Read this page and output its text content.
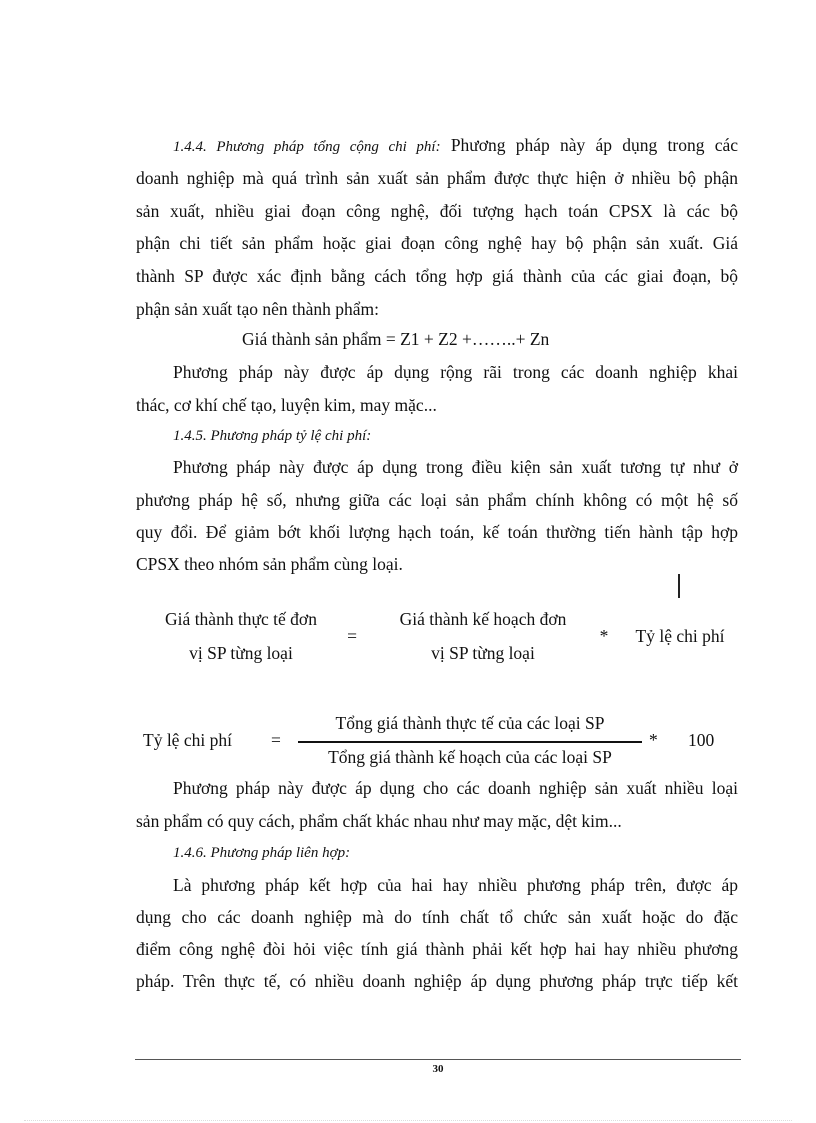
1.4.4. Phương pháp tổng cộng chi phí: Phương pháp này áp dụng trong các
doanh nghiệp mà quá trình sản xuất sản phẩm được thực hiện ở nhiều bộ phận
sản xuất, nhiều giai đoạn công nghệ, đối tượng hạch toán CPSX là các bộ
phận chi tiết sản phẩm hoặc giai đoạn công nghệ hay bộ phận sản xuất. Giá
thành SP được xác định bằng cách tổng hợp giá thành của các giai đoạn, bộ
phận sản xuất tạo nên thành phẩm:
Giá thành sản phẩm = Z1 + Z2 +……..+ Zn
Phương pháp này được áp dụng rộng rãi trong các doanh nghiệp khai
thác, cơ khí chế tạo, luyện kim, may mặc...
1.4.5. Phương pháp tỷ lệ chi phí:
Phương pháp này được áp dụng trong điều kiện sản xuất tương tự như ở
phương pháp hệ số, nhưng giữa các loại sản phẩm chính không có một hệ số
quy đổi. Để giảm bớt khối lượng hạch toán, kế toán thường tiến hành tập hợp
CPSX theo nhóm sản phẩm cùng loại.
Giá thành thực tế đơn
vị SP từng loại
=
Giá thành kế hoạch đơn
vị SP từng loại
*	Tỷ lệ chi phí
Tỷ lệ chi phí =
Tổng giá thành thực tế của các loại SP
Tổng giá thành kế hoạch của các loại SP
* 100
Phương pháp này được áp dụng cho các doanh nghiệp sản xuất nhiều loại
sản phẩm có quy cách, phẩm chất khác nhau như may mặc, dệt kim...
1.4.6. Phương pháp liên hợp:
Là phương pháp kết hợp của hai hay nhiều phương pháp trên, được áp
dụng cho các doanh nghiệp mà do tính chất tổ chức sản xuất hoặc do đặc
điểm công nghệ đòi hỏi việc tính giá thành phải kết hợp hai hay nhiều phương
pháp. Trên thực tế, có nhiều doanh nghiệp áp dụng phương pháp trực tiếp kết
30
